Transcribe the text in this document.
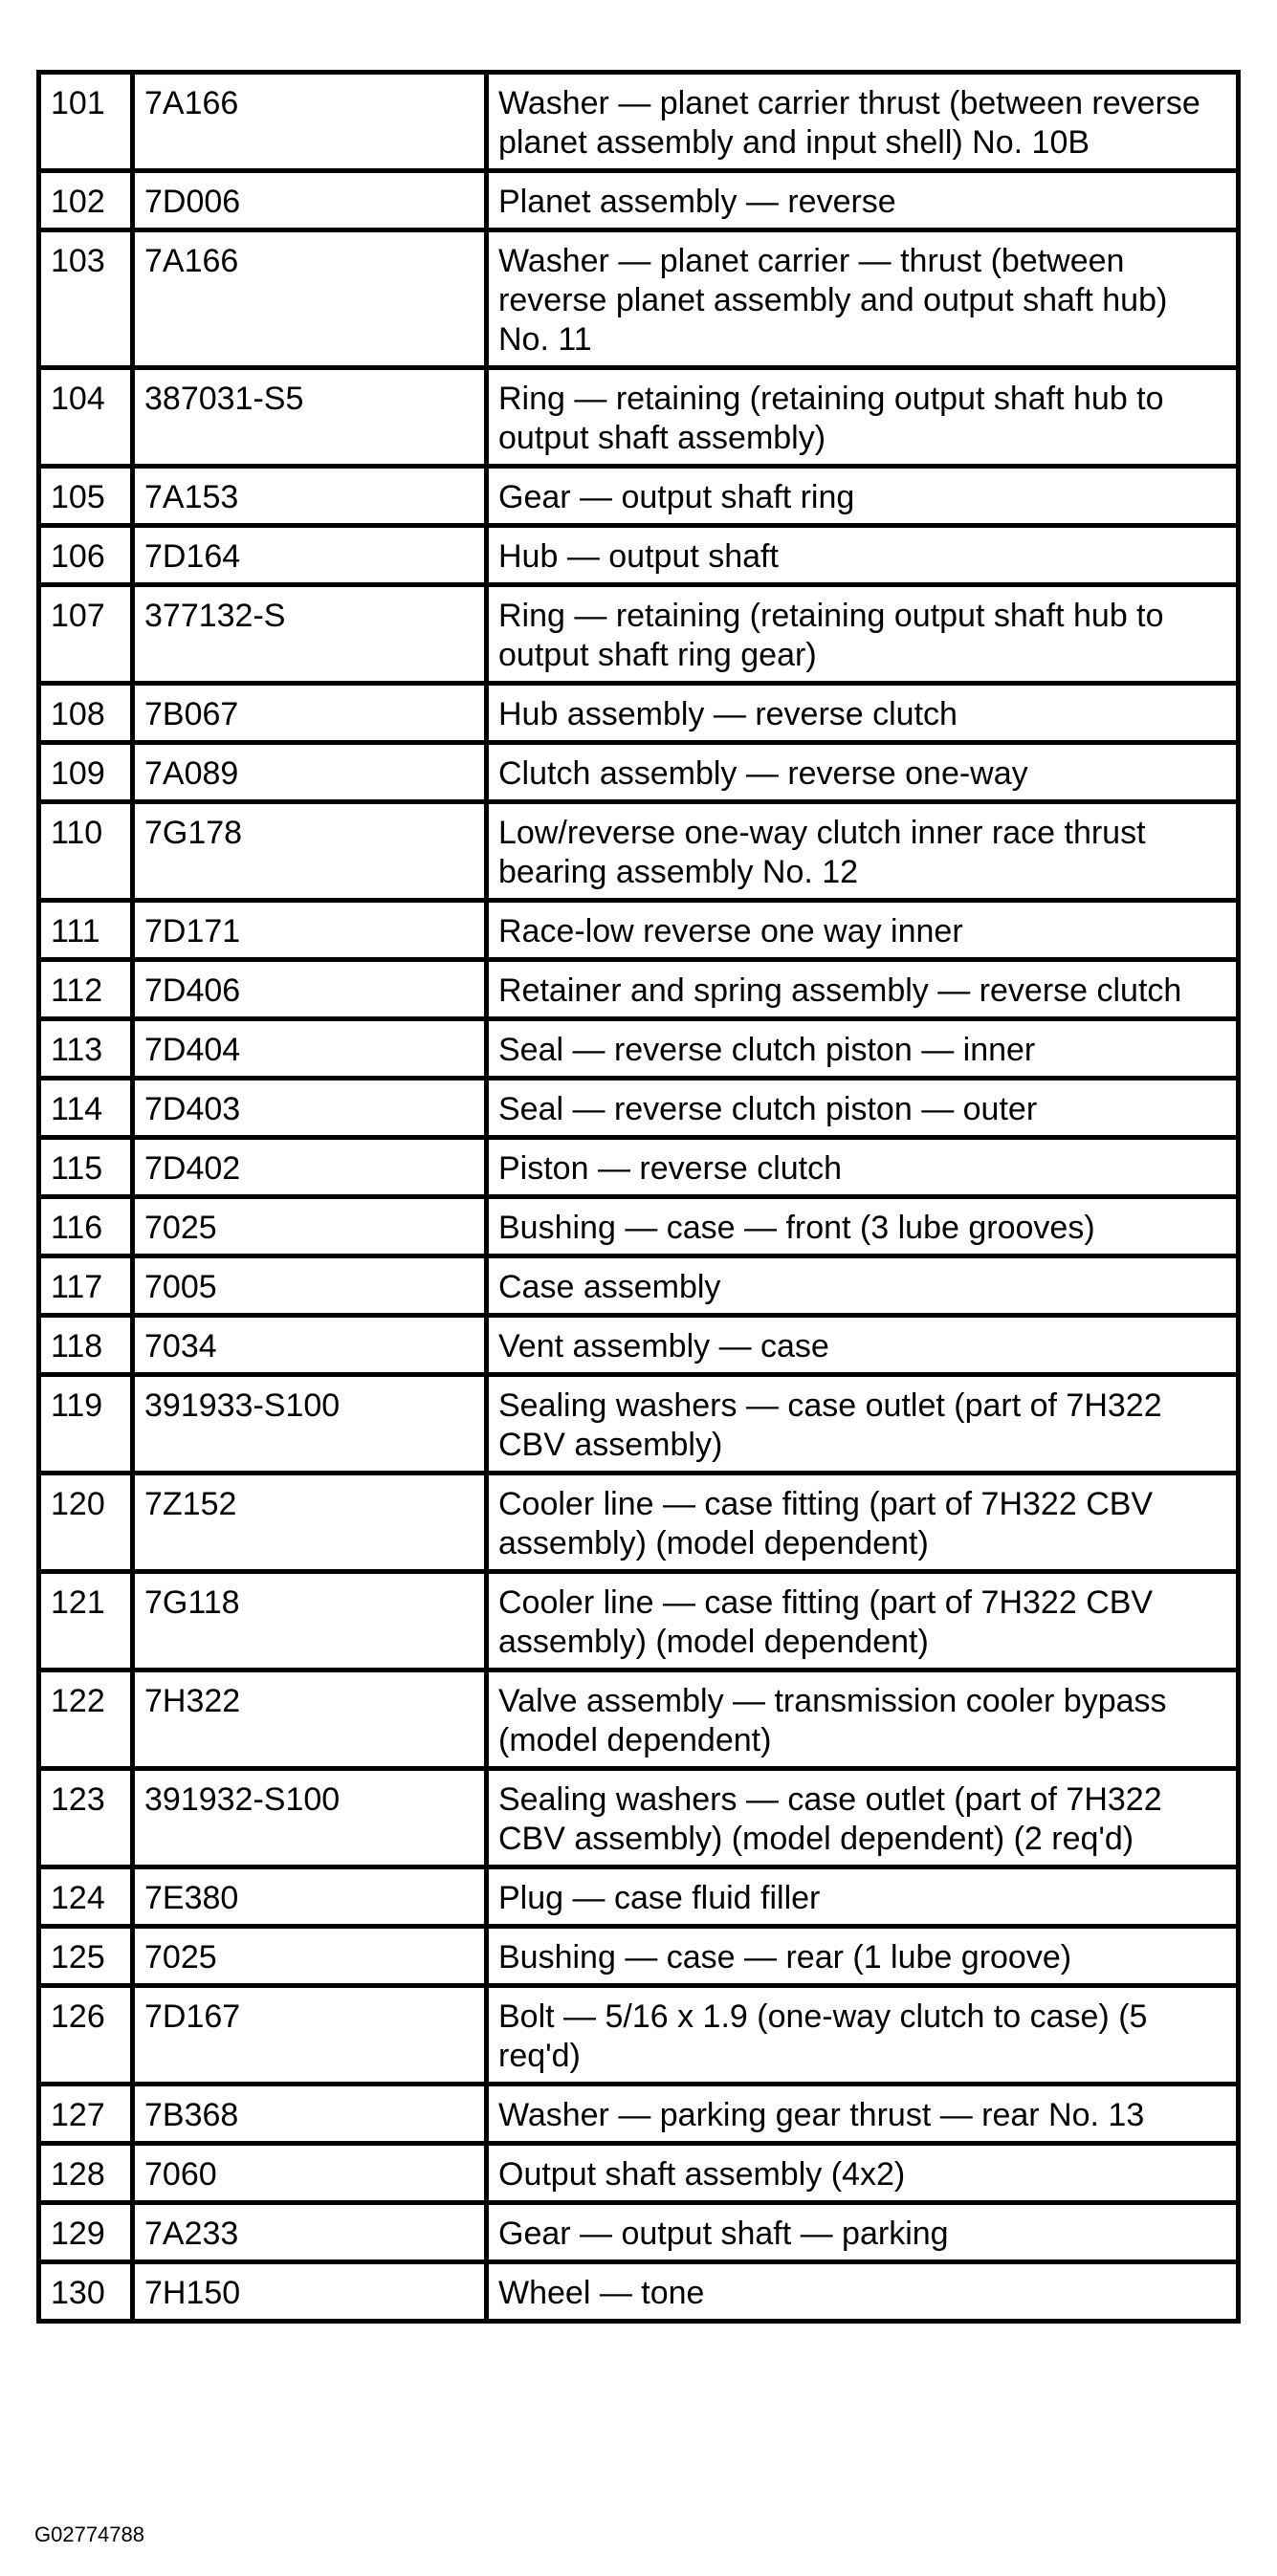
101	7A166	Washer — planet carrier thrust (between reverse planet assembly and input shell) No. 10B
102	7D006	Planet assembly — reverse
103	7A166	Washer — planet carrier — thrust (between reverse planet assembly and output shaft hub) No. 11
104	387031-S5	Ring — retaining (retaining output shaft hub to output shaft assembly)
105	7A153	Gear — output shaft ring
106	7D164	Hub — output shaft
107	377132-S	Ring — retaining (retaining output shaft hub to output shaft ring gear)
108	7B067	Hub assembly — reverse clutch
109	7A089	Clutch assembly — reverse one-way
110	7G178	Low/reverse one-way clutch inner race thrust bearing assembly No. 12
111	7D171	Race-low reverse one way inner
112	7D406	Retainer and spring assembly — reverse clutch
113	7D404	Seal — reverse clutch piston — inner
114	7D403	Seal — reverse clutch piston — outer
115	7D402	Piston — reverse clutch
116	7025	Bushing — case — front (3 lube grooves)
117	7005	Case assembly
118	7034	Vent assembly — case
119	391933-S100	Sealing washers — case outlet (part of 7H322 CBV assembly)
120	7Z152	Cooler line — case fitting (part of 7H322 CBV assembly) (model dependent)
121	7G118	Cooler line — case fitting (part of 7H322 CBV assembly) (model dependent)
122	7H322	Valve assembly — transmission cooler bypass (model dependent)
123	391932-S100	Sealing washers — case outlet (part of 7H322 CBV assembly) (model dependent) (2 req'd)
124	7E380	Plug — case fluid filler
125	7025	Bushing — case — rear (1 lube groove)
126	7D167	Bolt — 5/16 x 1.9 (one-way clutch to case) (5 req'd)
127	7B368	Washer — parking gear thrust — rear No. 13
128	7060	Output shaft assembly (4x2)
129	7A233	Gear — output shaft — parking
130	7H150	Wheel — tone
G02774788
